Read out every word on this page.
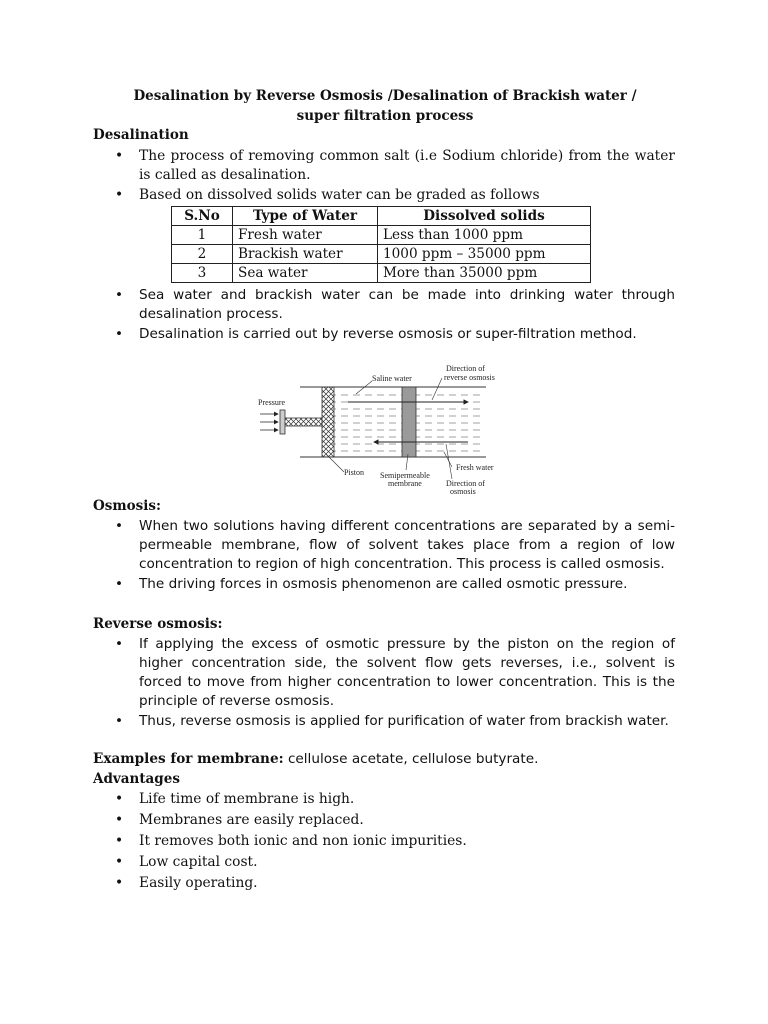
Desalination by Reverse Osmosis /Desalination of Brackish water /
super filtration process
Desalination
• The process of removing common salt (i.e Sodium chloride) from the water is called as desalination.
• Based on dissolved solids water can be graded as follows
S.No	Type of Water	Dissolved solids
1	Fresh water	Less than 1000 ppm
2	Brackish water	1000 ppm – 35000 ppm
3	Sea water	More than 35000 ppm
• Sea water and brackish water can be made into drinking water through desalination process.
• Desalination is carried out by reverse osmosis or super-filtration method.
Pressure
Saline water
Direction of
reverse osmosis
Piston Semipermeable
membrane
Fresh water
Direction of
osmosis
Osmosis:
• When two solutions having different concentrations are separated by a semi-permeable membrane, flow of solvent takes place from a region of low concentration to region of high concentration. This process is called osmosis.
• The driving forces in osmosis phenomenon are called osmotic pressure.
Reverse osmosis:
• If applying the excess of osmotic pressure by the piston on the region of higher concentration side, the solvent flow gets reverses, i.e., solvent is forced to move from higher concentration to lower concentration. This is the principle of reverse osmosis.
• Thus, reverse osmosis is applied for purification of water from brackish water.
Examples for membrane: cellulose acetate, cellulose butyrate.
Advantages
• Life time of membrane is high.
• Membranes are easily replaced.
• It removes both ionic and non ionic impurities.
• Low capital cost.
• Easily operating.
